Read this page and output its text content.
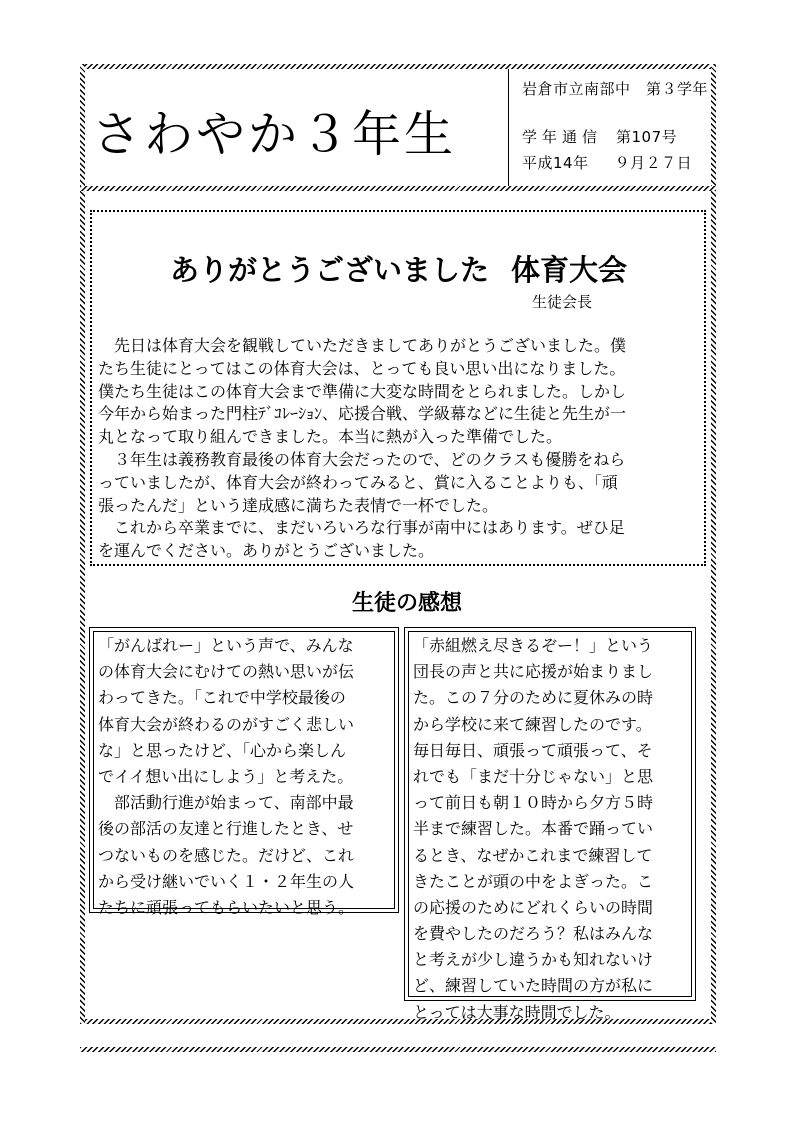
さわやか３年生
岩倉市立南部中　第３学年
学年通信 第107号
平成14年 ９月２７日
ありがとうございました 体育大会
生徒会長
　先日は体育大会を観戦していただきましてありがとうございました。僕
たち生徒にとってはこの体育大会は、とっても良い思い出になりました。
僕たち生徒はこの体育大会まで準備に大変な時間をとられました。しかし
今年から始まった門柱ﾃﾞｺﾚｰｼｮﾝ、応援合戦、学級幕などに生徒と先生が一
丸となって取り組んできました。本当に熱が入った準備でした。
　３年生は義務教育最後の体育大会だったので、どのクラスも優勝をねら
っていましたが、体育大会が終わってみると、賞に入ることよりも、「頑
張ったんだ」という達成感に満ちた表情で一杯でした。
　これから卒業までに、まだいろいろな行事が南中にはあります。ぜひ足
を運んでください。ありがとうございました。
生徒の感想
「がんばれー」という声で、みんな
の体育大会にむけての熱い思いが伝
わってきた。「これで中学校最後の
体育大会が終わるのがすごく悲しい
な」と思ったけど、「心から楽しん
でイイ想い出にしよう」と考えた。
　部活動行進が始まって、南部中最
後の部活の友達と行進したとき、せ
つないものを感じた。だけど、これ
から受け継いでいく１・２年生の人
たちに頑張ってもらいたいと思う。
「赤組燃え尽きるぞー！」という
団長の声と共に応援が始まりまし
た。この７分のために夏休みの時
から学校に来て練習したのです。
毎日毎日、頑張って頑張って、そ
れでも「まだ十分じゃない」と思
って前日も朝１０時から夕方５時
半まで練習した。本番で踊ってい
るとき、なぜかこれまで練習して
きたことが頭の中をよぎった。こ
の応援のためにどれくらいの時間
を費やしたのだろう？私はみんな
と考えが少し違うかも知れないけ
ど、練習していた時間の方が私に
とっては大事な時間でした。
